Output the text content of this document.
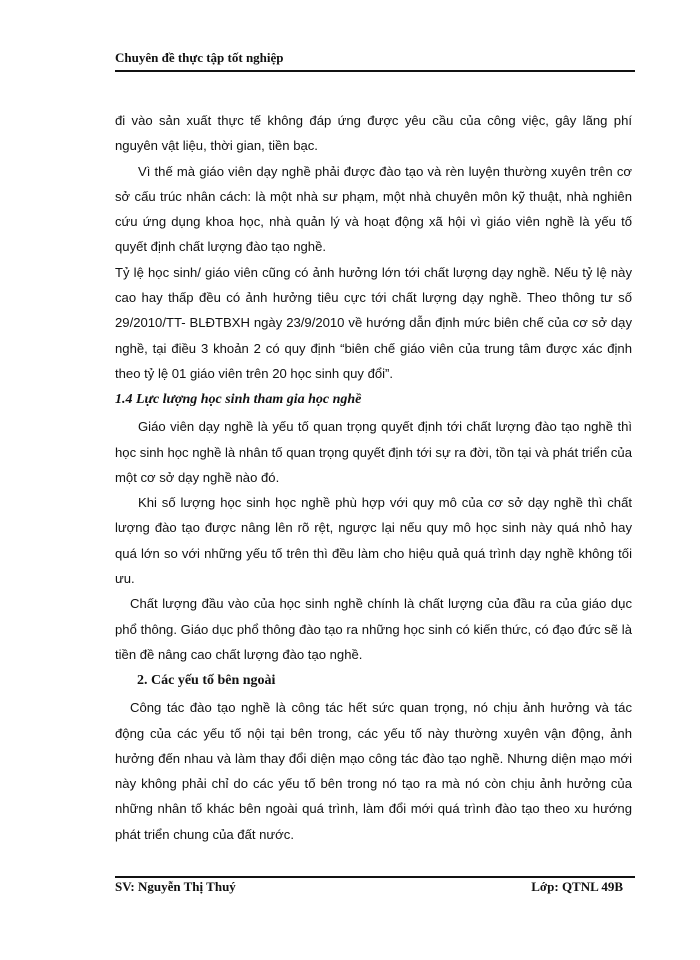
Chuyên đề thực tập tốt nghiệp

đi vào sản xuất thực tế không đáp ứng được yêu cầu của công việc, gây lãng phí nguyên vật liệu, thời gian, tiền bạc.

Vì thế mà giáo viên dạy nghề phải được đào tạo và rèn luyện thường xuyên trên cơ sở cấu trúc nhân cách: là một nhà sư phạm, một nhà chuyên môn kỹ thuật, nhà nghiên cứu ứng dụng khoa học, nhà quản lý và hoạt động xã hội vì giáo viên nghề là yếu tố quyết định chất lượng đào tạo nghề.

Tỷ lệ học sinh/ giáo viên cũng có ảnh hưởng lớn tới chất lượng dạy nghề. Nếu tỷ lệ này cao hay thấp đều có ảnh hưởng tiêu cực tới chất lượng dạy nghề. Theo thông tư số 29/2010/TT- BLĐTBXH ngày 23/9/2010 về hướng dẫn định mức biên chế của cơ sở dạy nghề, tại điều 3 khoản 2 có quy định “biên chế giáo viên của trung tâm được xác định theo tỷ lệ 01 giáo viên trên 20 học sinh quy đổi”.

1.4 Lực lượng học sinh tham gia học nghề

Giáo viên dạy nghề là yếu tố quan trọng quyết định tới chất lượng đào tạo nghề thì học sinh học nghề là nhân tố quan trọng quyết định tới sự ra đời, tồn tại và phát triển của một cơ sở dạy nghề nào đó.

Khi số lượng học sinh học nghề phù hợp với quy mô của cơ sở dạy nghề thì chất lượng đào tạo được nâng lên rõ rệt, ngược lại nếu quy mô học sinh này quá nhỏ hay quá lớn so với những yếu tố trên thì đều làm cho hiệu quả quá trình dạy nghề không tối ưu.

Chất lượng đầu vào của học sinh nghề chính là chất lượng của đầu ra của giáo dục phổ thông. Giáo dục phổ thông đào tạo ra những học sinh có kiến thức, có đạo đức sẽ là tiền đề nâng cao chất lượng đào tạo nghề.

2. Các yếu tố bên ngoài

Công tác đào tạo nghề là công tác hết sức quan trọng, nó chịu ảnh hưởng và tác động của các yếu tố nội tại bên trong, các yếu tố này thường xuyên vận động, ảnh hưởng đến nhau và làm thay đổi diện mạo công tác đào tạo nghề. Nhưng diện mạo mới này không phải chỉ do các yếu tố bên trong nó tạo ra mà nó còn chịu ảnh hưởng của những nhân tố khác bên ngoài quá trình, làm đổi mới quá trình đào tạo theo xu hướng phát triển chung của đất nước.

SV: Nguyễn Thị Thuý	Lớp: QTNL 49B
